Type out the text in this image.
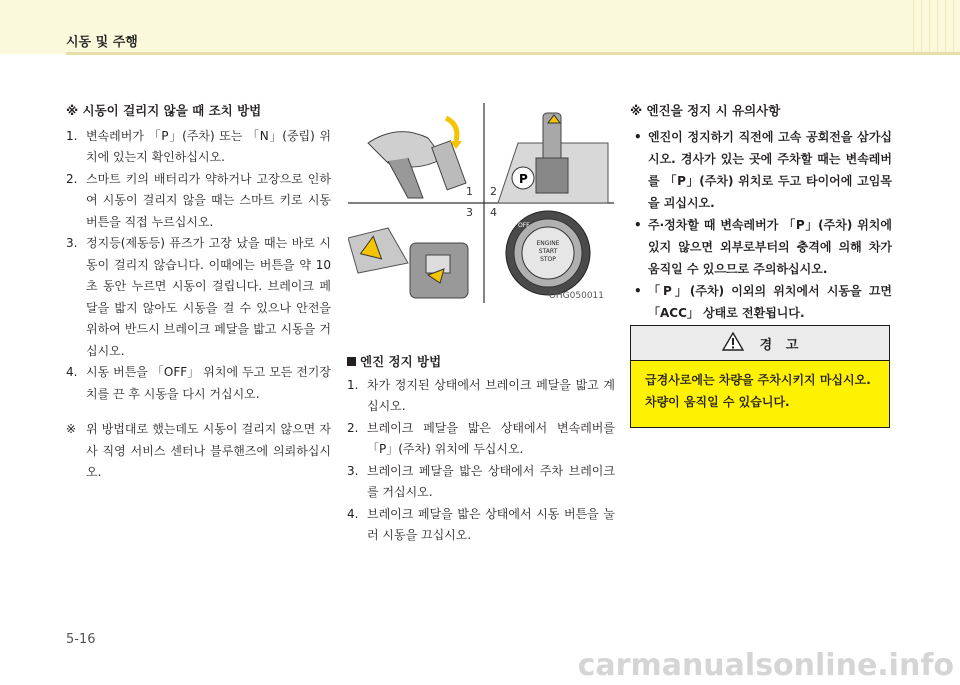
시동 및 주행
※ 시동이 걸리지 않을 때 조치 방법
1. 변속레버가 「P」(주차) 또는 「N」(중립) 위치에 있는지 확인하십시오.
2. 스마트 키의 배터리가 약하거나 고장으로 인하여 시동이 걸리지 않을 때는 스마트 키로 시동 버튼을 직접 누르십시오.
3. 정지등(제동등) 퓨즈가 고장 났을 때는 바로 시동이 걸리지 않습니다. 이때에는 버튼을 약 10초 동안 누르면 시동이 걸립니다. 브레이크 페달을 밟지 않아도 시동을 걸 수 있으나 안전을 위하여 반드시 브레이크 페달을 밟고 시동을 거십시오.
4. 시동 버튼을 「OFF」 위치에 두고 모든 전기장치를 끈 후 시동을 다시 거십시오.
※ 위 방법대로 했는데도 시동이 걸리지 않으면 자사 직영 서비스 센터나 블루핸즈에 의뢰하십시오.
P
1 2
3 4
ENGINE
START
STOP
OFF
OHG050011
엔진 정지 방법
1. 차가 정지된 상태에서 브레이크 페달을 밟고 계십시오.
2. 브레이크 페달을 밟은 상태에서 변속레버를 「P」(주차) 위치에 두십시오.
3. 브레이크 페달을 밟은 상태에서 주차 브레이크를 거십시오.
4. 브레이크 페달을 밟은 상태에서 시동 버튼을 눌러 시동을 끄십시오.
※ 엔진을 정지 시 유의사항
• 엔진이 정지하기 직전에 고속 공회전을 삼가십시오. 경사가 있는 곳에 주차할 때는 변속레버를 「P」(주차) 위치로 두고 타이어에 고임목을 괴십시오.
• 주·정차할 때 변속레버가 「P」(주차) 위치에 있지 않으면 외부로부터의 충격에 의해 차가 움직일 수 있으므로 주의하십시오.
• 「P」(주차) 이외의 위치에서 시동을 끄면 「ACC」 상태로 전환됩니다.
경   고
급경사로에는 차량을 주차시키지 마십시오. 차량이 움직일 수 있습니다.
5-16
carmanualsonline.info
